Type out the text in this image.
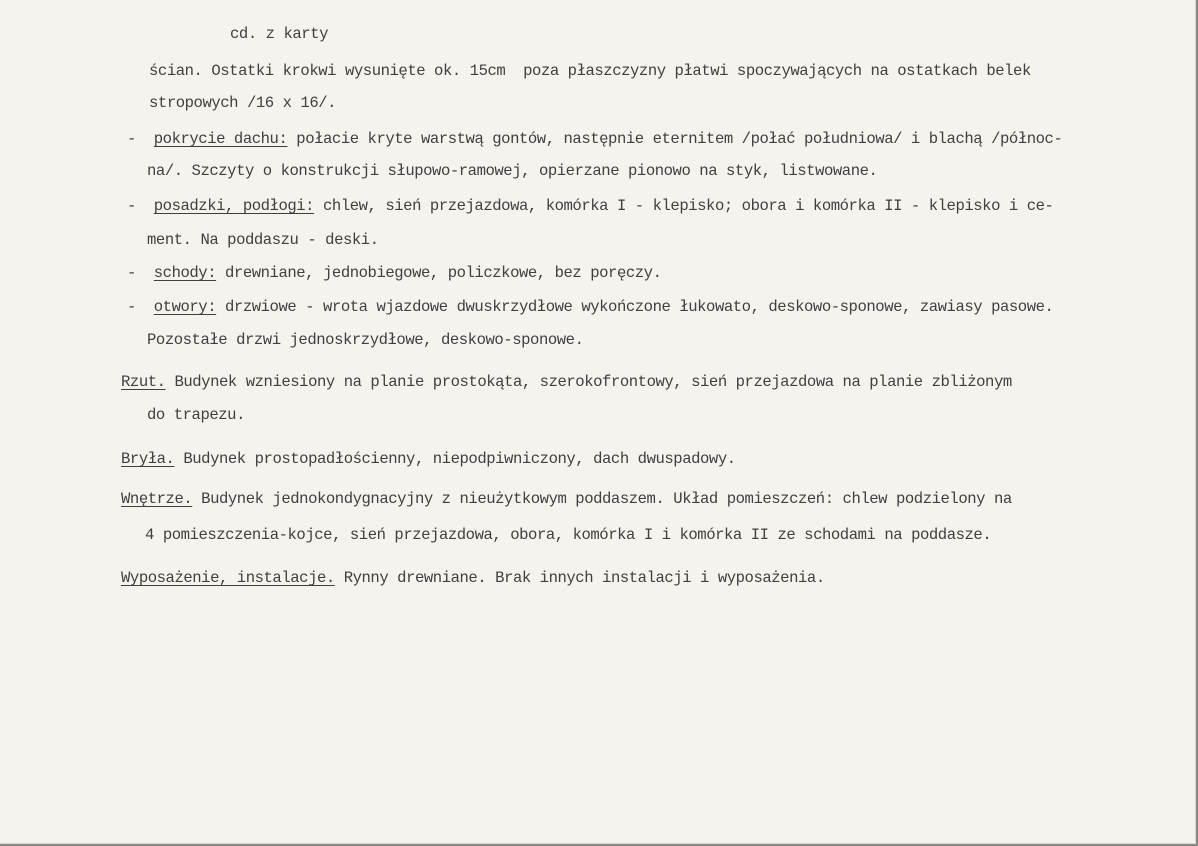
cd. z karty
ścian. Ostatki krokwi wysunięte ok. 15cm  poza płaszczyzny płatwi spoczywających na ostatkach belek
stropowych /16 x 16/.
- pokrycie dachu: połacie kryte warstwą gontów, następnie eternitem /połać południowa/ i blachą /północ-
na/. Szczyty o konstrukcji słupowo-ramowej, opierzane pionowo na styk, listwowane.
- posadzki, podłogi: chlew, sień przejazdowa, komórka I - klepisko; obora i komórka II - klepisko i ce-
ment. Na poddaszu - deski.
- schody: drewniane, jednobiegowe, policzkowe, bez poręczy.
- otwory: drzwiowe - wrota wjazdowe dwuskrzydłowe wykończone łukowato, deskowo-sponowe, zawiasy pasowe.
Pozostałe drzwi jednoskrzydłowe, deskowo-sponowe.
Rzut. Budynek wzniesiony na planie prostokąta, szerokofrontowy, sień przejazdowa na planie zbliżonym
do trapezu.
Bryła. Budynek prostopadłościenny, niepodpiwniczony, dach dwuspadowy.
Wnętrze. Budynek jednokondygnacyjny z nieużytkowym poddaszem. Układ pomieszczeń: chlew podzielony na
4 pomieszczenia-kojce, sień przejazdowa, obora, komórka I i komórka II ze schodami na poddasze.
Wyposażenie, instalacje. Rynny drewniane. Brak innych instalacji i wyposażenia.
